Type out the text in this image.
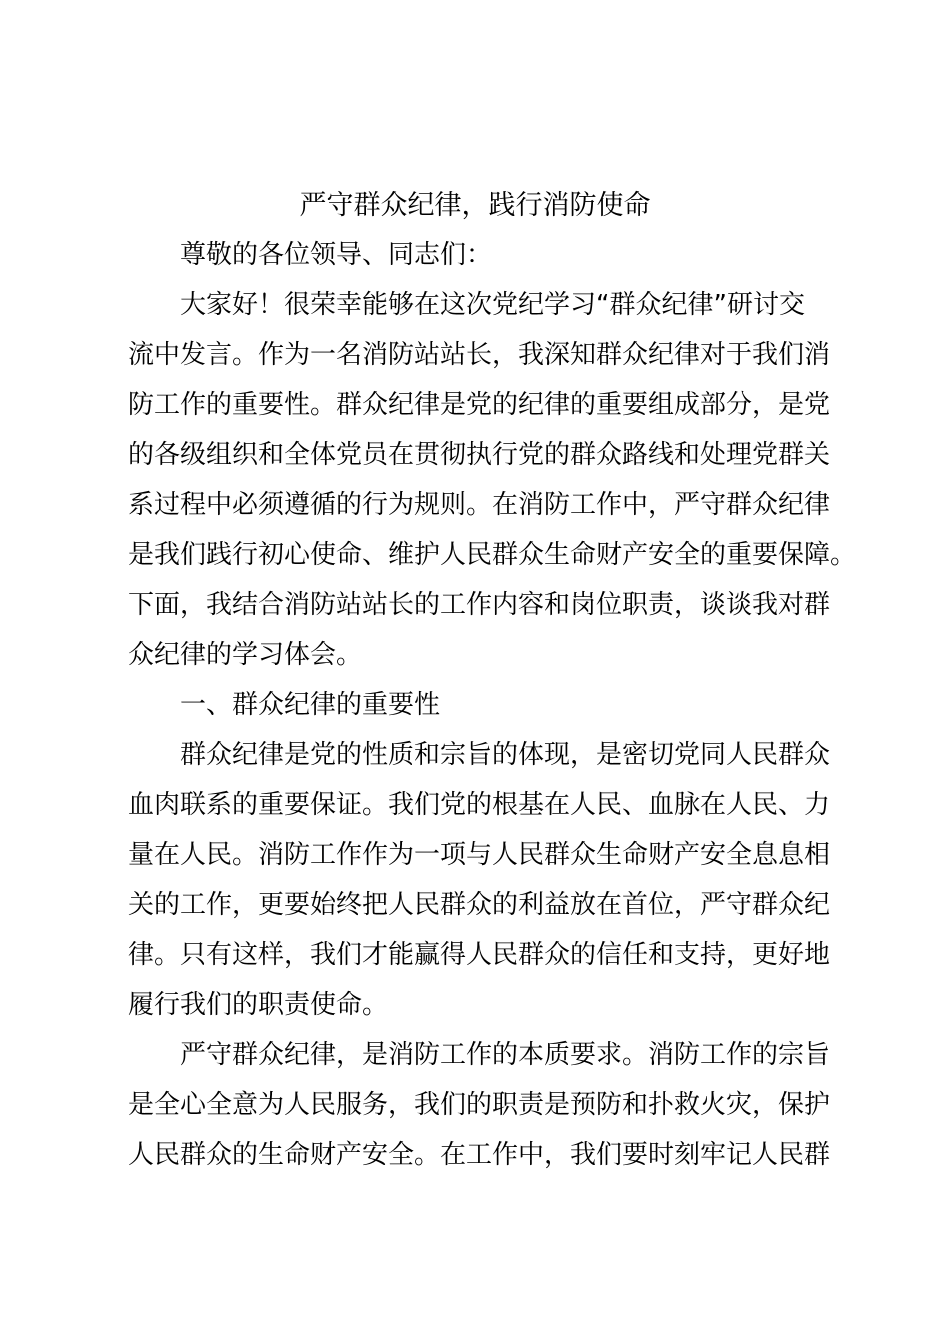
严守群众纪律，践行消防使命
尊敬的各位领导、同志们：
大家好！很荣幸能够在这次党纪学习“群众纪律”研讨交
流中发言。作为一名消防站站长，我深知群众纪律对于我们消
防工作的重要性。群众纪律是党的纪律的重要组成部分，是党
的各级组织和全体党员在贯彻执行党的群众路线和处理党群关
系过程中必须遵循的行为规则。在消防工作中，严守群众纪律
是我们践行初心使命、维护人民群众生命财产安全的重要保障。
下面，我结合消防站站长的工作内容和岗位职责，谈谈我对群
众纪律的学习体会。
一、群众纪律的重要性
群众纪律是党的性质和宗旨的体现，是密切党同人民群众
血肉联系的重要保证。我们党的根基在人民、血脉在人民、力
量在人民。消防工作作为一项与人民群众生命财产安全息息相
关的工作，更要始终把人民群众的利益放在首位，严守群众纪
律。只有这样，我们才能赢得人民群众的信任和支持，更好地
履行我们的职责使命。
严守群众纪律，是消防工作的本质要求。消防工作的宗旨
是全心全意为人民服务，我们的职责是预防和扑救火灾，保护
人民群众的生命财产安全。在工作中，我们要时刻牢记人民群
